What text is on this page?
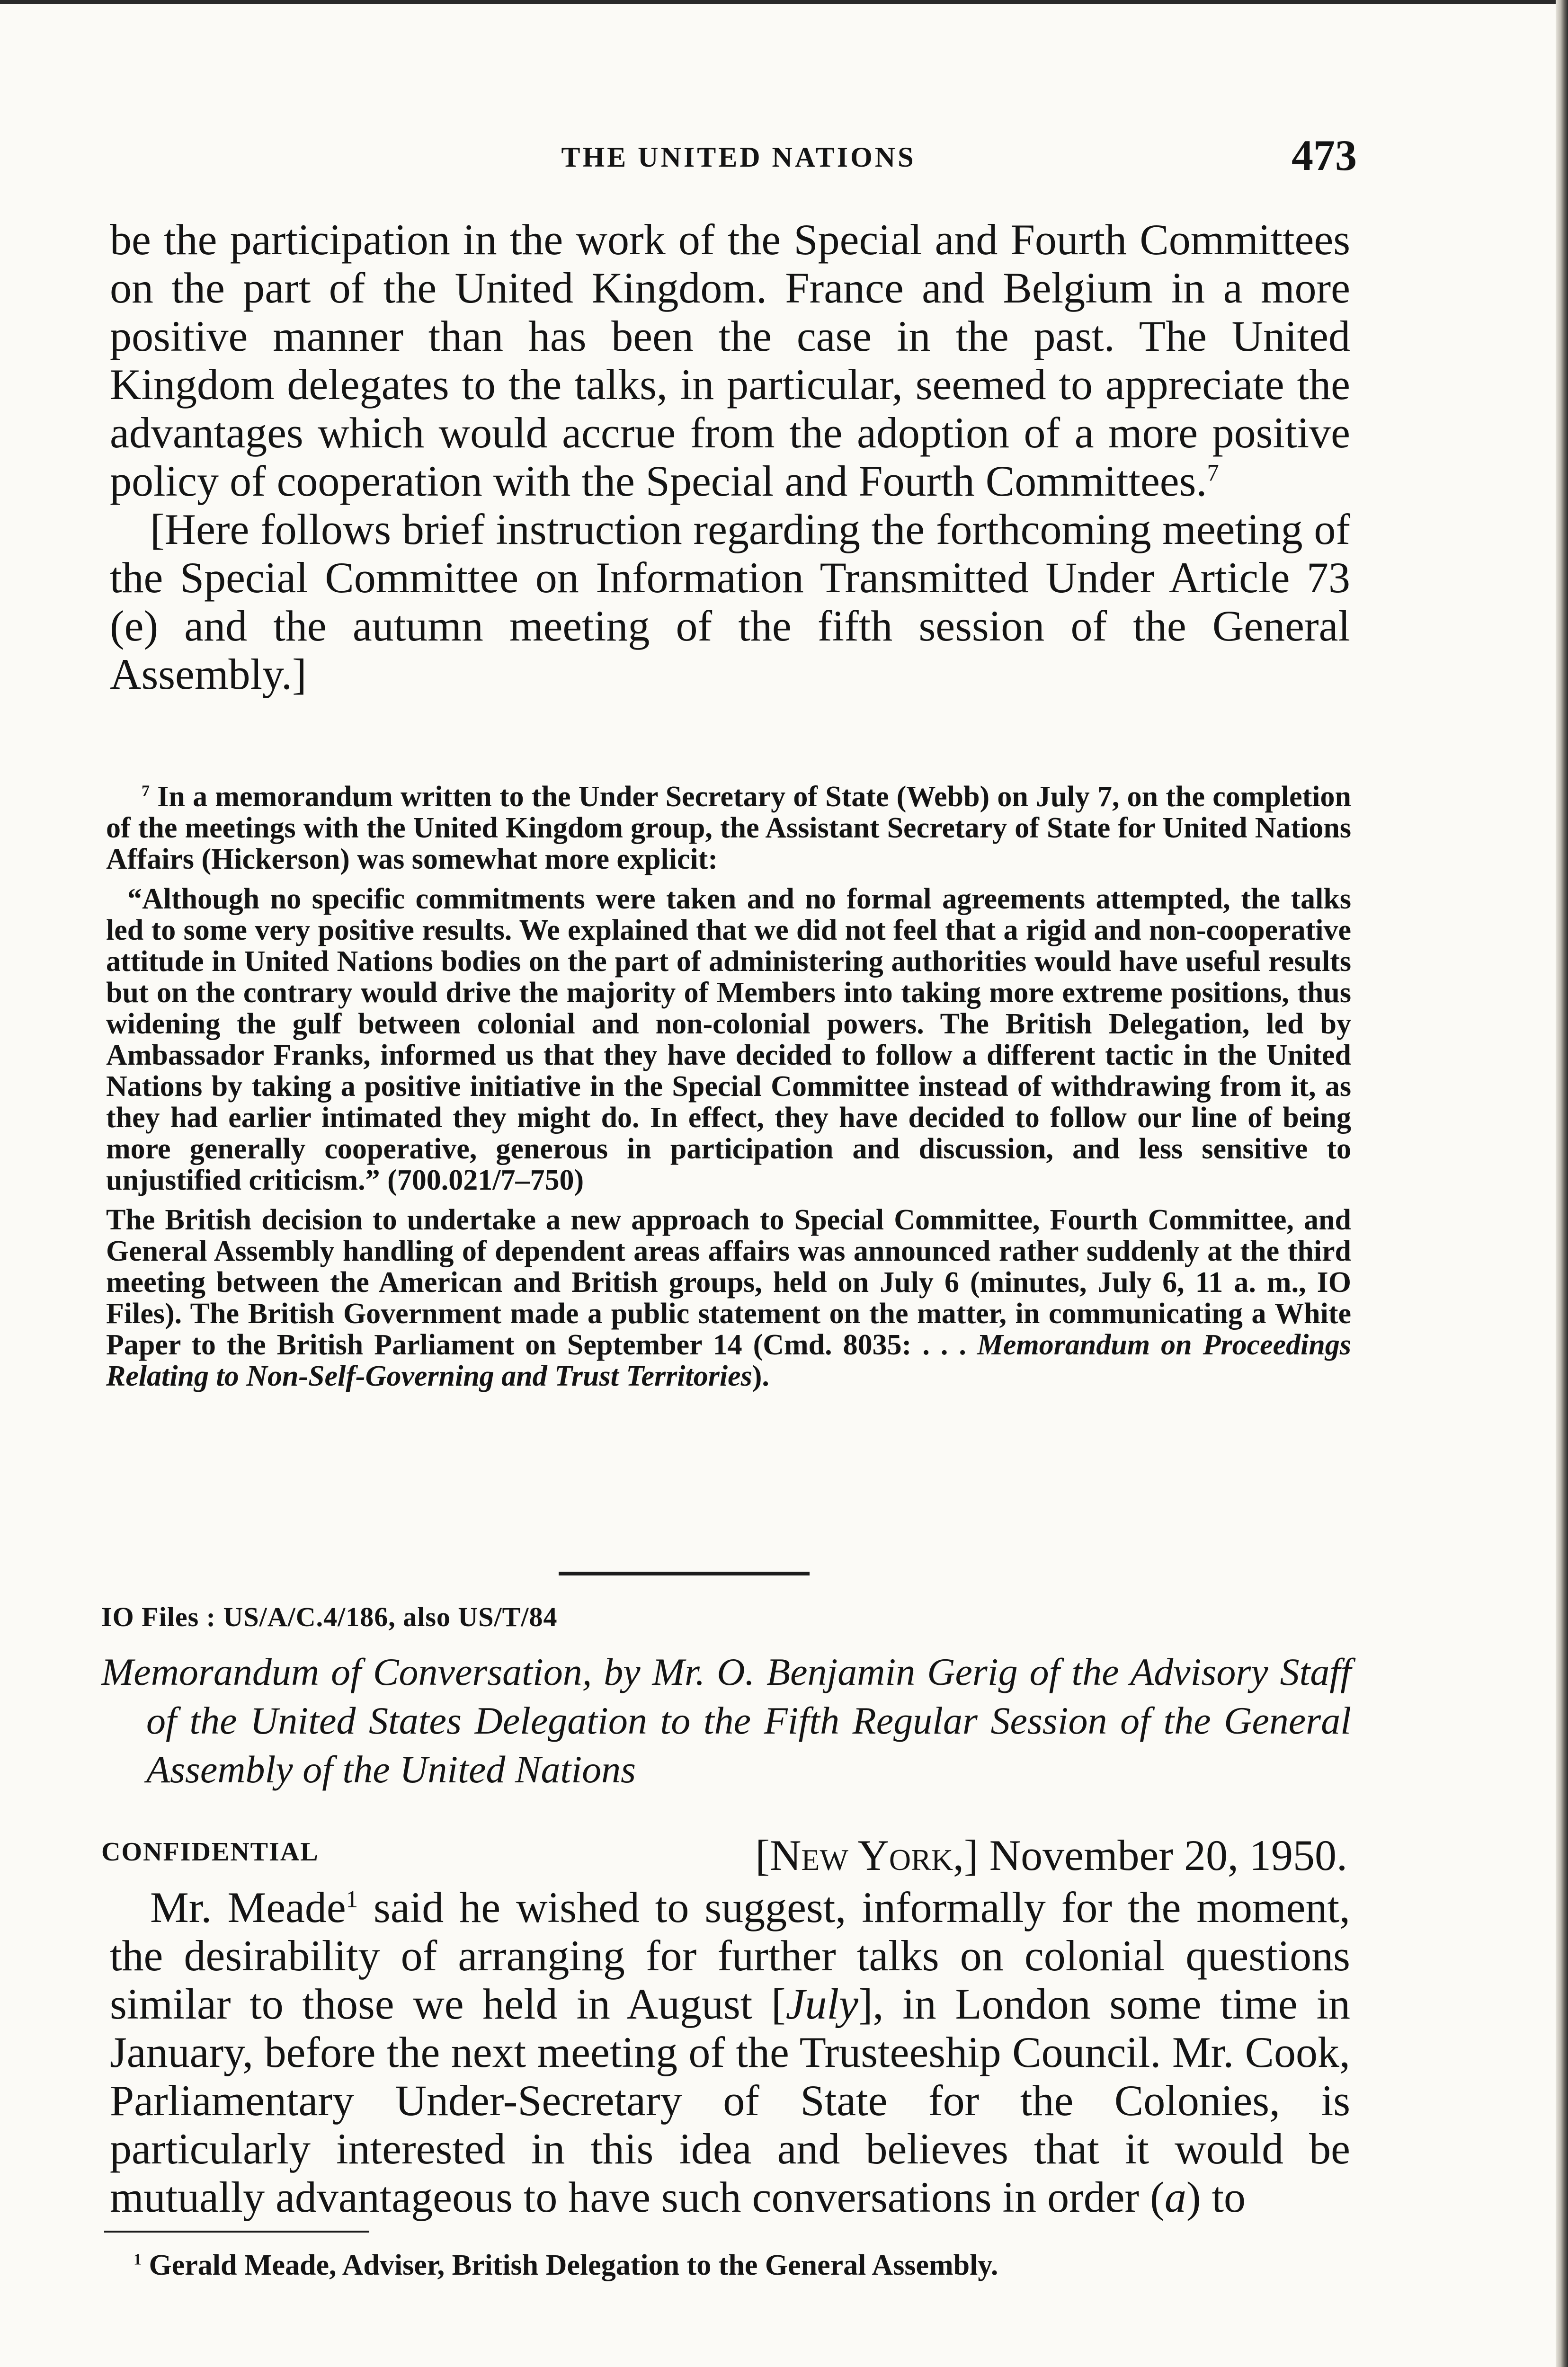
THE UNITED NATIONS	473

be the participation in the work of the Special and Fourth Committees on the part of the United Kingdom. France and Belgium in a more positive manner than has been the case in the past. The United Kingdom delegates to the talks, in particular, seemed to appreciate the advantages which would accrue from the adoption of a more positive policy of cooperation with the Special and Fourth Committees.$^7$

[Here follows brief instruction regarding the forthcoming meeting of the Special Committee on Information Transmitted Under Article 73 (e) and the autumn meeting of the fifth session of the General Assembly.]

$^7$ In a memorandum written to the Under Secretary of State (Webb) on July 7, on the completion of the meetings with the United Kingdom group, the Assistant Secretary of State for United Nations Affairs (Hickerson) was somewhat more explicit:

“Although no specific commitments were taken and no formal agreements attempted, the talks led to some very positive results. We explained that we did not feel that a rigid and non-cooperative attitude in United Nations bodies on the part of administering authorities would have useful results but on the contrary would drive the majority of Members into taking more extreme positions, thus widening the gulf between colonial and non-colonial powers. The British Delegation, led by Ambassador Franks, informed us that they have decided to follow a different tactic in the United Nations by taking a positive initiative in the Special Committee instead of withdrawing from it, as they had earlier intimated they might do. In effect, they have decided to follow our line of being more generally cooperative, generous in participation and discussion, and less sensitive to unjustified criticism.” (700.021/7–750)

The British decision to undertake a new approach to Special Committee, Fourth Committee, and General Assembly handling of dependent areas affairs was announced rather suddenly at the third meeting between the American and British groups, held on July 6 (minutes, July 6, 11 a. m., IO Files). The British Government made a public statement on the matter, in communicating a White Paper to the British Parliament on September 14 (Cmd. 8035: . . . Memorandum on Proceedings Relating to Non-Self-Governing and Trust Territories).

IO Files : US/A/C.4/186, also US/T/84

Memorandum of Conversation, by Mr. O. Benjamin Gerig of the Advisory Staff of the United States Delegation to the Fifth Regular Session of the General Assembly of the United Nations

CONFIDENTIAL	[New York,] November 20, 1950.

Mr. Meade$^1$ said he wished to suggest, informally for the moment, the desirability of arranging for further talks on colonial questions similar to those we held in August [July], in London some time in January, before the next meeting of the Trusteeship Council. Mr. Cook, Parliamentary Under-Secretary of State for the Colonies, is particularly interested in this idea and believes that it would be mutually advantageous to have such conversations in order (a) to

$^1$ Gerald Meade, Adviser, British Delegation to the General Assembly.
